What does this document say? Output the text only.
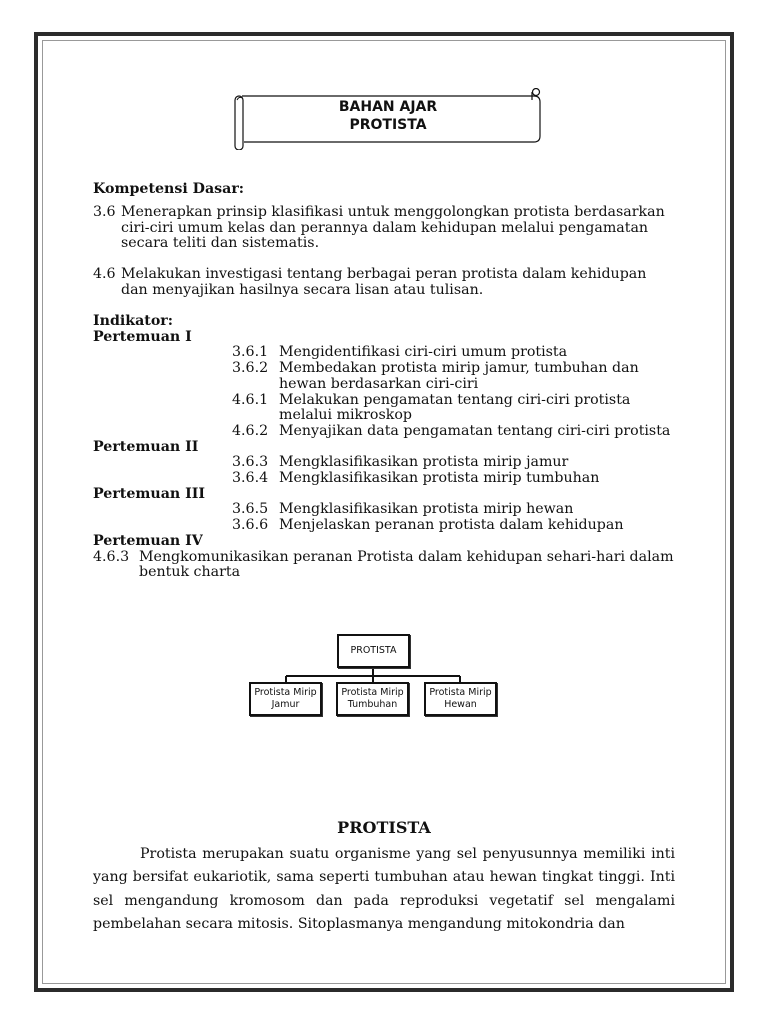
BAHAN AJAR
PROTISTA
Kompetensi Dasar:
3.6 Menerapkan prinsip klasifikasi untuk menggolongkan protista berdasarkan
ciri-ciri umum kelas dan perannya dalam kehidupan melalui pengamatan
secara teliti dan sistematis.
4.6 Melakukan investigasi tentang berbagai peran protista dalam kehidupan
dan menyajikan hasilnya secara lisan atau tulisan.
Indikator:
Pertemuan I
3.6.1 Mengidentifikasi ciri-ciri umum protista
3.6.2 Membedakan protista mirip jamur, tumbuhan dan
hewan berdasarkan ciri-ciri
4.6.1 Melakukan pengamatan tentang ciri-ciri protista
melalui mikroskop
4.6.2 Menyajikan data pengamatan tentang ciri-ciri protista
Pertemuan II
3.6.3 Mengklasifikasikan protista mirip jamur
3.6.4 Mengklasifikasikan protista mirip tumbuhan
Pertemuan III
3.6.5 Mengklasifikasikan protista mirip hewan
3.6.6 Menjelaskan peranan protista dalam kehidupan
Pertemuan IV
4.6.3 Mengkomunikasikan peranan Protista dalam kehidupan sehari-hari dalam
bentuk charta
PROTISTA
Protista Mirip
Jamur
Protista Mirip
Tumbuhan
Protista Mirip
Hewan
PROTISTA
Protista merupakan suatu organisme yang sel penyusunnya memiliki inti yang bersifat eukariotik, sama seperti tumbuhan atau hewan tingkat tinggi. Inti sel mengandung kromosom dan pada reproduksi vegetatif sel mengalami pembelahan secara mitosis. Sitoplasmanya mengandung mitokondria dan
